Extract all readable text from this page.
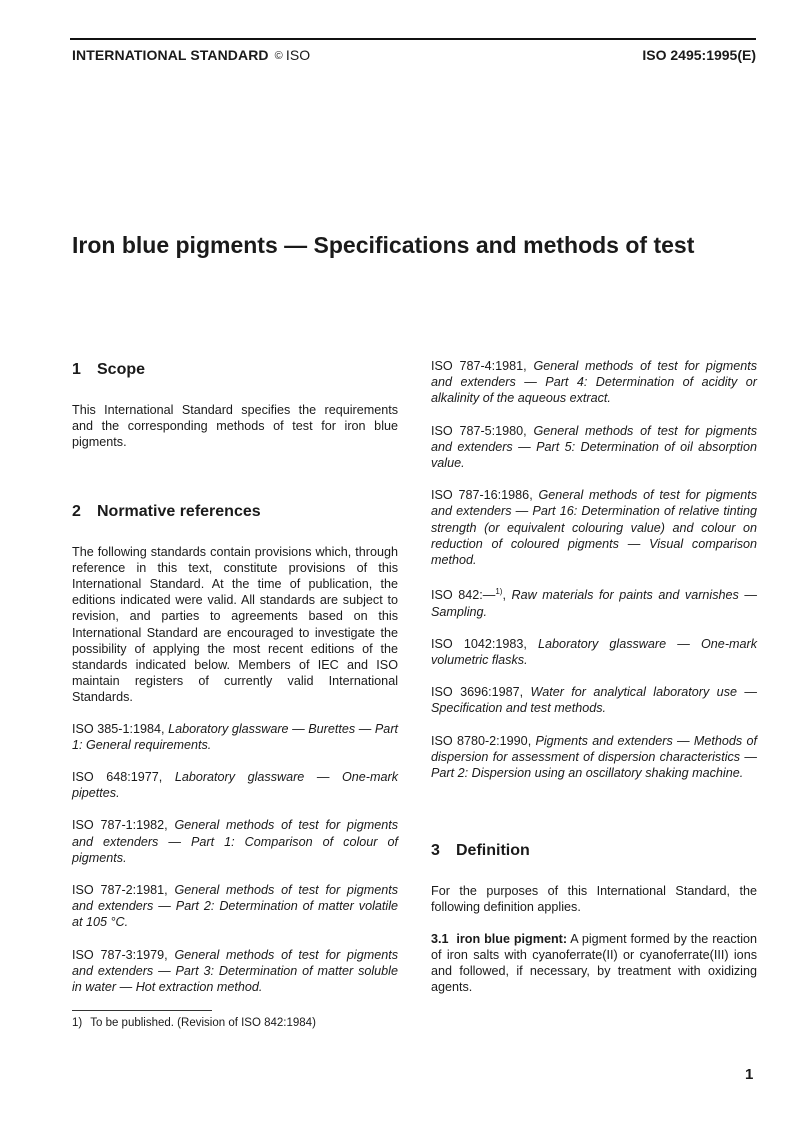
INTERNATIONAL STANDARD © ISO	ISO 2495:1995(E)
Iron blue pigments — Specifications and methods of test
1 Scope

This International Standard specifies the requirements and the corresponding methods of test for iron blue pigments.

2 Normative references

The following standards contain provisions which, through reference in this text, constitute provisions of this International Standard. At the time of publication, the editions indicated were valid. All standards are subject to revision, and parties to agreements based on this International Standard are encouraged to investigate the possibility of applying the most recent editions of the standards indicated below. Members of IEC and ISO maintain registers of currently valid International Standards.

ISO 385-1:1984, Laboratory glassware — Burettes — Part 1: General requirements.

ISO 648:1977, Laboratory glassware — One-mark pipettes.

ISO 787-1:1982, General methods of test for pigments and extenders — Part 1: Comparison of colour of pigments.

ISO 787-2:1981, General methods of test for pigments and extenders — Part 2: Determination of matter volatile at 105 °C.

ISO 787-3:1979, General methods of test for pigments and extenders — Part 3: Determination of matter soluble in water — Hot extraction method.

ISO 787-4:1981, General methods of test for pigments and extenders — Part 4: Determination of acidity or alkalinity of the aqueous extract.

ISO 787-5:1980, General methods of test for pigments and extenders — Part 5: Determination of oil absorption value.

ISO 787-16:1986, General methods of test for pigments and extenders — Part 16: Determination of relative tinting strength (or equivalent colouring value) and colour on reduction of coloured pigments — Visual comparison method.

ISO 842:—$^{1)}$, Raw materials for paints and varnishes — Sampling.

ISO 1042:1983, Laboratory glassware — One-mark volumetric flasks.

ISO 3696:1987, Water for analytical laboratory use — Specification and test methods.

ISO 8780-2:1990, Pigments and extenders — Methods of dispersion for assessment of dispersion characteristics — Part 2: Dispersion using an oscillatory shaking machine.

3 Definition

For the purposes of this International Standard, the following definition applies.

3.1 iron blue pigment: A pigment formed by the reaction of iron salts with cyanoferrate(II) or cyanoferrate(III) ions and followed, if necessary, by treatment with oxidizing agents.

1) To be published. (Revision of ISO 842:1984)
1
